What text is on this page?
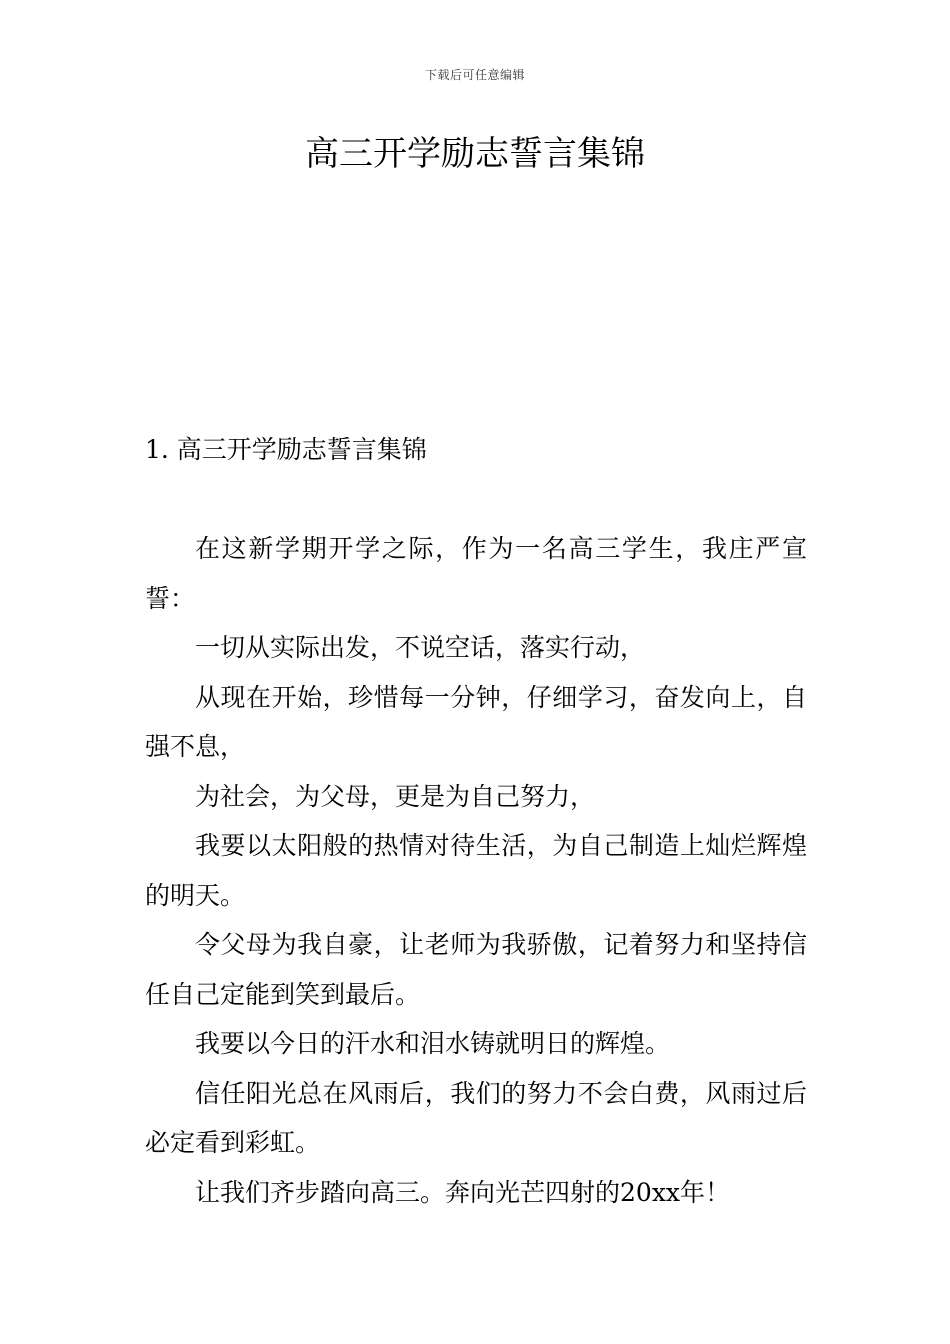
下载后可任意编辑
高三开学励志誓言集锦
1. 高三开学励志誓言集锦

在这新学期开学之际，作为一名高三学生，我庄严宣誓：

一切从实际出发，不说空话，落实行动，

从现在开始，珍惜每一分钟，仔细学习，奋发向上，自强不息，

为社会，为父母，更是为自己努力，

我要以太阳般的热情对待生活，为自己制造上灿烂辉煌的明天。

令父母为我自豪，让老师为我骄傲，记着努力和坚持信任自己定能到笑到最后。

我要以今日的汗水和泪水铸就明日的辉煌。

信任阳光总在风雨后，我们的努力不会白费，风雨过后必定看到彩虹。

让我们齐步踏向高三。奔向光芒四射的20xx年！
